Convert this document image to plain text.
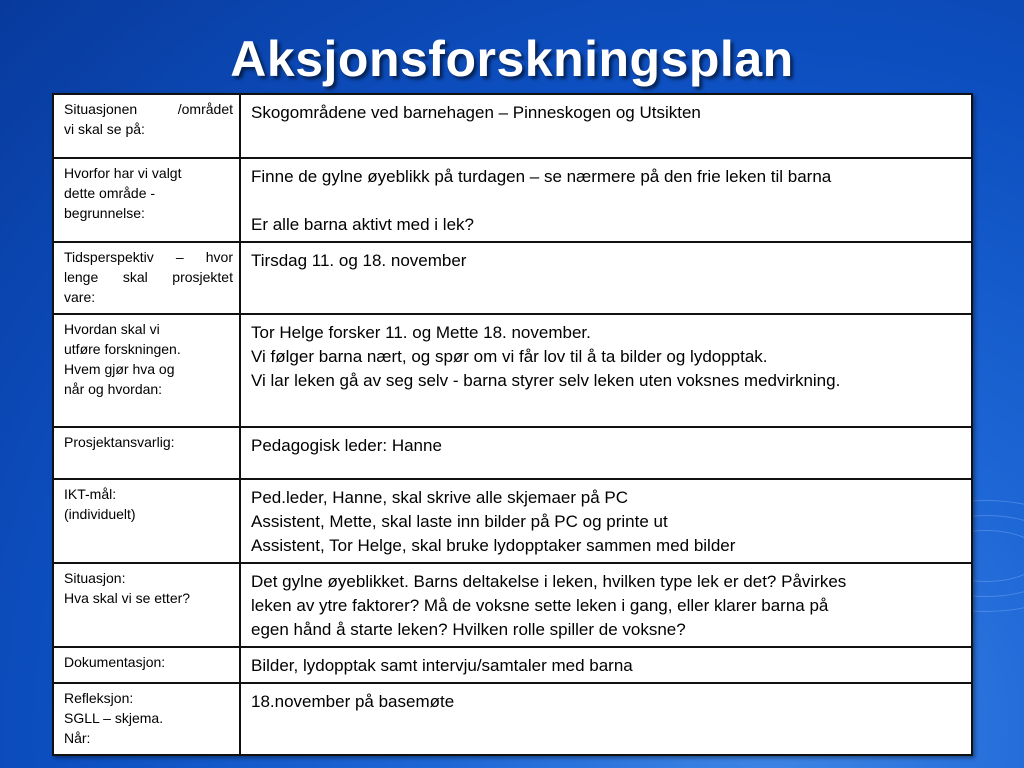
Aksjonsforskningsplan
Situasjonen /området
vi skal se på:	Skogområdene ved barnehagen – Pinneskogen og Utsikten

Hvorfor har vi valgt
dette område -
begrunnelse:	Finne de gylne øyeblikk på turdagen – se nærmere på den frie leken til barna
Er alle barna aktivt med i lek?

Tidsperspektiv – hvor
lenge skal prosjektet
vare:	Tirsdag 11. og 18. november

Hvordan skal vi
utføre forskningen.
Hvem gjør hva og
når og hvordan:	Tor Helge forsker 11. og Mette 18. november.
Vi følger barna nært, og spør om vi får lov til å ta bilder og lydopptak.
Vi lar leken gå av seg selv - barna styrer selv leken uten voksnes medvirkning.

Prosjektansvarlig:	Pedagogisk leder: Hanne

IKT-mål:
(individuelt)	Ped.leder, Hanne, skal skrive alle skjemaer på PC
Assistent, Mette, skal laste inn bilder på PC og printe ut
Assistent, Tor Helge, skal bruke lydopptaker sammen med bilder

Situasjon:
Hva skal vi se etter?	Det gylne øyeblikket. Barns deltakelse i leken, hvilken type lek er det? Påvirkes
leken av ytre faktorer? Må de voksne sette leken i gang, eller klarer barna på
egen hånd å starte leken? Hvilken rolle spiller de voksne?

Dokumentasjon:	Bilder, lydopptak samt intervju/samtaler med barna

Refleksjon:
SGLL – skjema.
Når:	18.november på basemøte
